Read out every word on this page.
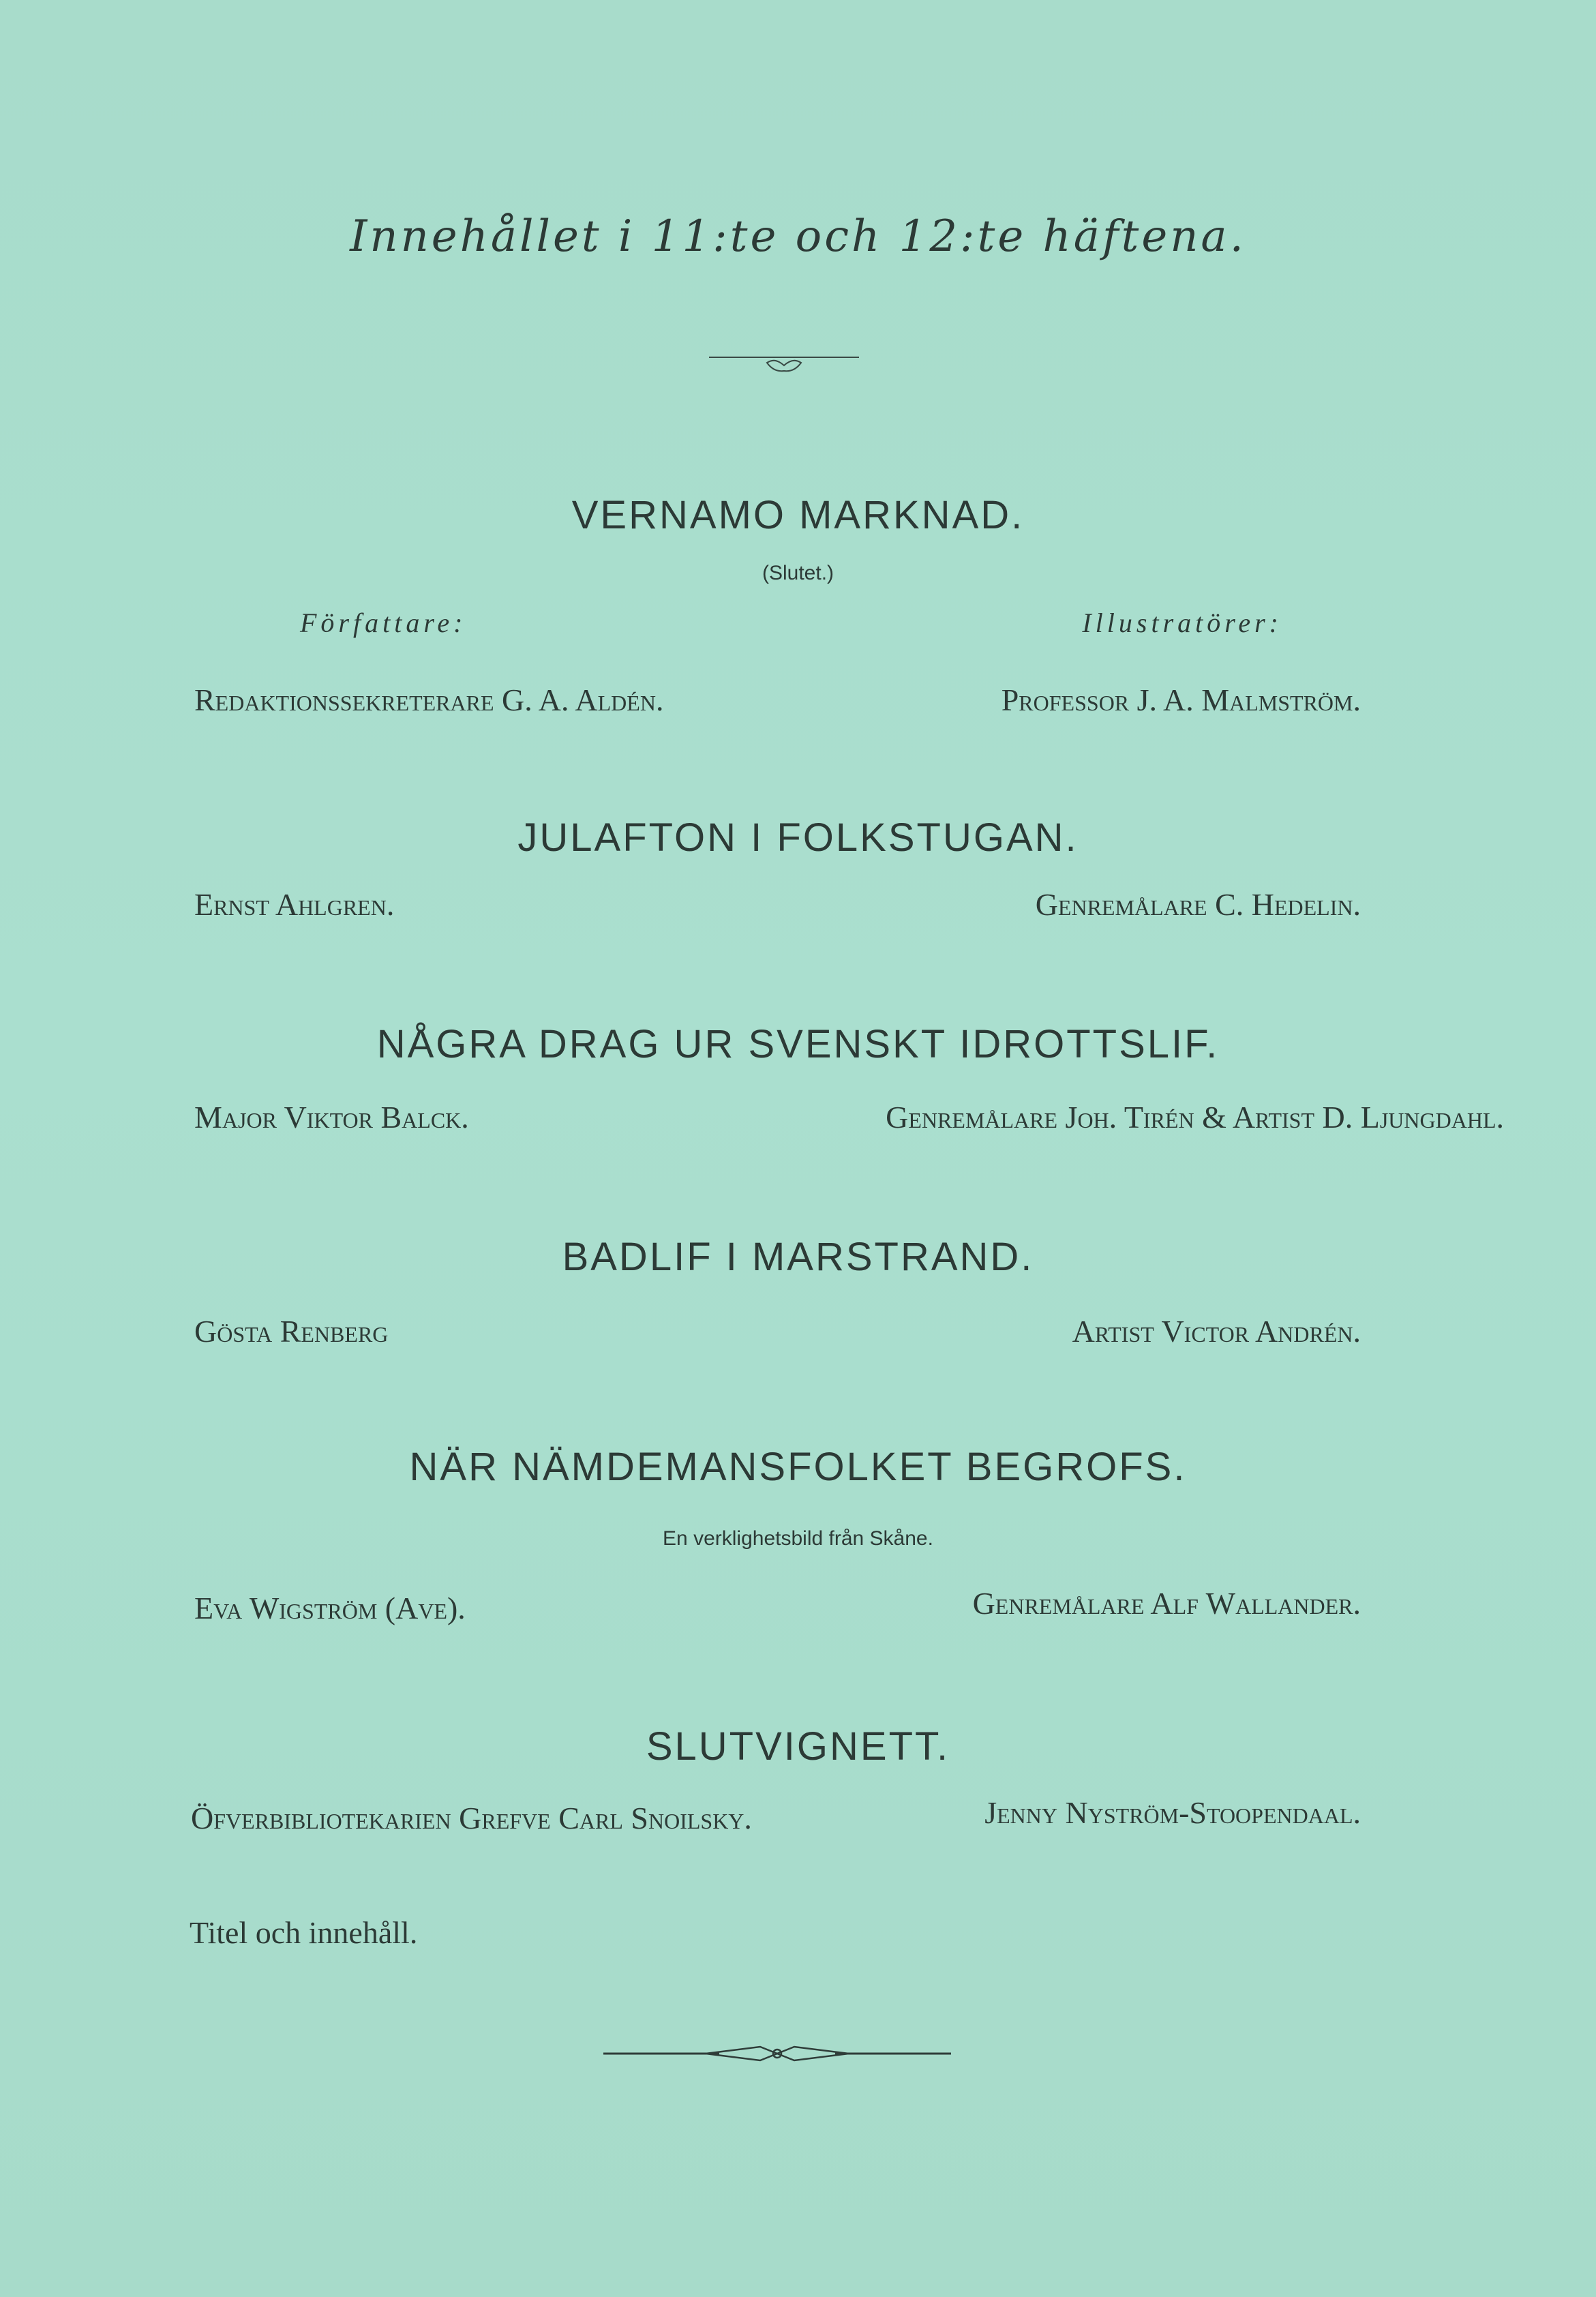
Innehållet i 11:te och 12:te häftena.
VERNAMO MARKNAD.
(Slutet.)
Författare:	Illustratörer:
Redaktionssekreterare G. A. Aldén.	Professor J. A. Malmström.
JULAFTON I FOLKSTUGAN.
Ernst Ahlgren.	Genremålare C. Hedelin.
NÅGRA DRAG UR SVENSKT IDROTTSLIF.
Major Viktor Balck.	Genremålare Joh. Tirén & Artist D. Ljungdahl.
BADLIF I MARSTRAND.
Gösta Renberg	Artist Victor Andrén.
NÄR NÄMDEMANSFOLKET BEGROFS.
En verklighetsbild från Skåne.
Eva Wigström (Ave).	Genremålare Alf Wallander.
SLUTVIGNETT.
Öfverbibliotekarien Grefve Carl Snoilsky.	Jenny Nyström-Stoopendaal.
Titel och innehåll.
